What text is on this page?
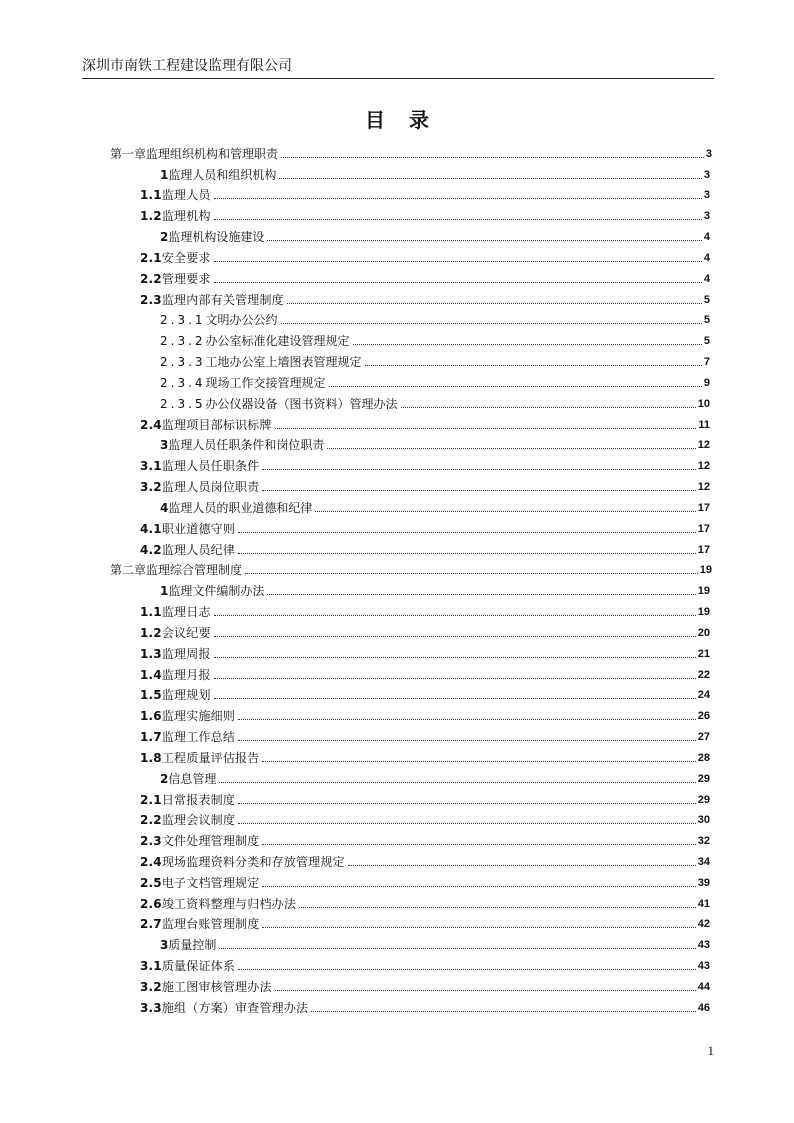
深圳市南铁工程建设监理有限公司
目录
第一章 监理组织机构和管理职责	3
1 监理人员和组织机构	3
1.1 监理人员	3
1.2 监理机构	3
2 监理机构设施建设	4
2.1 安全要求	4
2.2 管理要求	4
2.3 监理内部有关管理制度	5
2.3.1 文明办公公约	5
2.3.2 办公室标准化建设管理规定	5
2.3.3 工地办公室上墙图表管理规定	7
2.3.4 现场工作交接管理规定	9
2.3.5 办公仪器设备（图书资料）管理办法	10
2.4 监理项目部标识标牌	11
3 监理人员任职条件和岗位职责	12
3.1 监理人员任职条件	12
3.2 监理人员岗位职责	12
4 监理人员的职业道德和纪律	17
4.1 职业道德守则	17
4.2 监理人员纪律	17
第二章 监理综合管理制度	19
1 监理文件编制办法	19
1.1 监理日志	19
1.2 会议纪要	20
1.3 监理周报	21
1.4 监理月报	22
1.5 监理规划	24
1.6 监理实施细则	26
1.7 监理工作总结	27
1.8 工程质量评估报告	28
2 信息管理	29
2.1 日常报表制度	29
2.2 监理会议制度	30
2.3 文件处理管理制度	32
2.4 现场监理资料分类和存放管理规定	34
2.5 电子文档管理规定	39
2.6 竣工资料整理与归档办法	41
2.7 监理台账管理制度	42
3 质量控制	43
3.1 质量保证体系	43
3.2 施工图审核管理办法	44
3.3 施组（方案）审查管理办法	46
1
